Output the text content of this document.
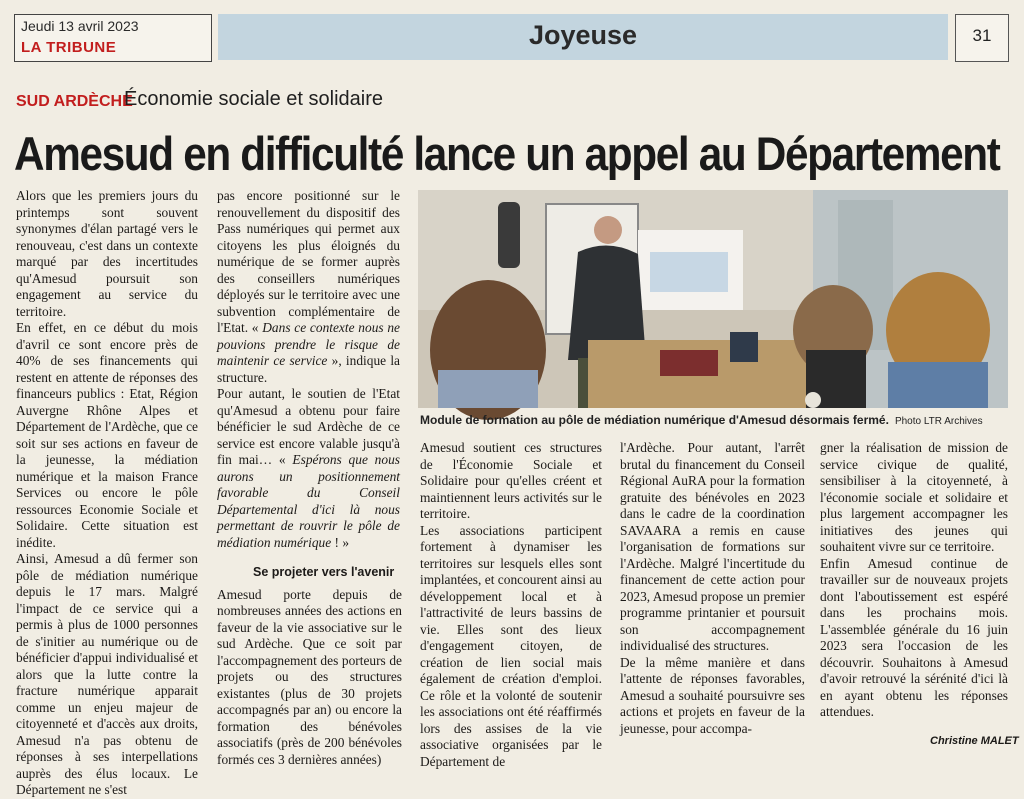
Jeudi 13 avril 2023
LA TRIBUNE	Joyeuse	31
SUD ARDÈCHE
Économie sociale et solidaire
Amesud en difficulté lance un appel au Département

Alors que les premiers jours du printemps sont souvent synonymes d'élan partagé vers le renouveau, c'est dans un contexte marqué par des incertitudes qu'Amesud poursuit son engagement au service du territoire.

En effet, en ce début du mois d'avril ce sont encore près de 40% de ses financements qui restent en attente de réponses des financeurs publics : Etat, Région Auvergne Rhône Alpes et Département de l'Ardèche, que ce soit sur ses actions en faveur de la jeunesse, la médiation numérique et la maison France Services ou encore le pôle ressources Economie Sociale et Solidaire. Cette situation est inédite.

Ainsi, Amesud a dû fermer son pôle de médiation numérique depuis le 17 mars. Malgré l'impact de ce service qui a permis à plus de 1000 personnes de s'initier au numérique ou de bénéficier d'appui individualisé et alors que la lutte contre la fracture numérique apparait comme un enjeu majeur de citoyenneté et d'accès aux droits, Amesud n'a pas obtenu de réponses à ses interpellations auprès des élus locaux. Le Département ne s'est

pas encore positionné sur le renouvellement du dispositif des Pass numériques qui permet aux citoyens les plus éloignés du numérique de se former auprès des conseillers numériques déployés sur le territoire avec une subvention complémentaire de l'Etat. « Dans ce contexte nous ne pouvions prendre le risque de maintenir ce service », indique la structure.

Pour autant, le soutien de l'Etat qu'Amesud a obtenu pour faire bénéficier le sud Ardèche de ce service est encore valable jusqu'à fin mai… « Espérons que nous aurons un positionnement favorable du Conseil Départemental d'ici là nous permettant de rouvrir le pôle de médiation numérique ! »

Se projeter vers l'avenir

Amesud porte depuis de nombreuses années des actions en faveur de la vie associative sur le sud Ardèche. Que ce soit par l'accompagnement des porteurs de projets ou des structures existantes (plus de 30 projets accompagnés par an) ou encore la formation des bénévoles associatifs (près de 200 bénévoles formés ces 3 dernières années)

Module de formation au pôle de médiation numérique d'Amesud désormais fermé. Photo LTR Archives

Amesud soutient ces structures de l'Économie Sociale et Solidaire pour qu'elles créent et maintiennent leurs activités sur le territoire.

Les associations participent fortement à dynamiser les territoires sur lesquels elles sont implantées, et concourent ainsi au développement local et à l'attractivité de leurs bassins de vie. Elles sont des lieux d'engagement citoyen, de création de lien social mais également de création d'emploi. Ce rôle et la volonté de soutenir les associations ont été réaffirmés lors des assises de la vie associative organisées par le Département de

l'Ardèche. Pour autant, l'arrêt brutal du financement du Conseil Régional AuRA pour la formation gratuite des bénévoles en 2023 dans le cadre de la coordination SAVAARA a remis en cause l'organisation de formations sur l'Ardèche. Malgré l'incertitude du financement de cette action pour 2023, Amesud propose un premier programme printanier et poursuit son accompagnement individualisé des structures.

De la même manière et dans l'attente de réponses favorables, Amesud a souhaité poursuivre ses actions et projets en faveur de la jeunesse, pour accompa-

gner la réalisation de mission de service civique de qualité, sensibiliser à la citoyenneté, à l'économie sociale et solidaire et plus largement accompagner les initiatives des jeunes qui souhaitent vivre sur ce territoire.

Enfin Amesud continue de travailler sur de nouveaux projets dont l'aboutissement est espéré dans les prochains mois. L'assemblée générale du 16 juin 2023 sera l'occasion de les découvrir. Souhaitons à Amesud d'avoir retrouvé la sérénité d'ici là en ayant obtenu les réponses attendues.

Christine MALET
